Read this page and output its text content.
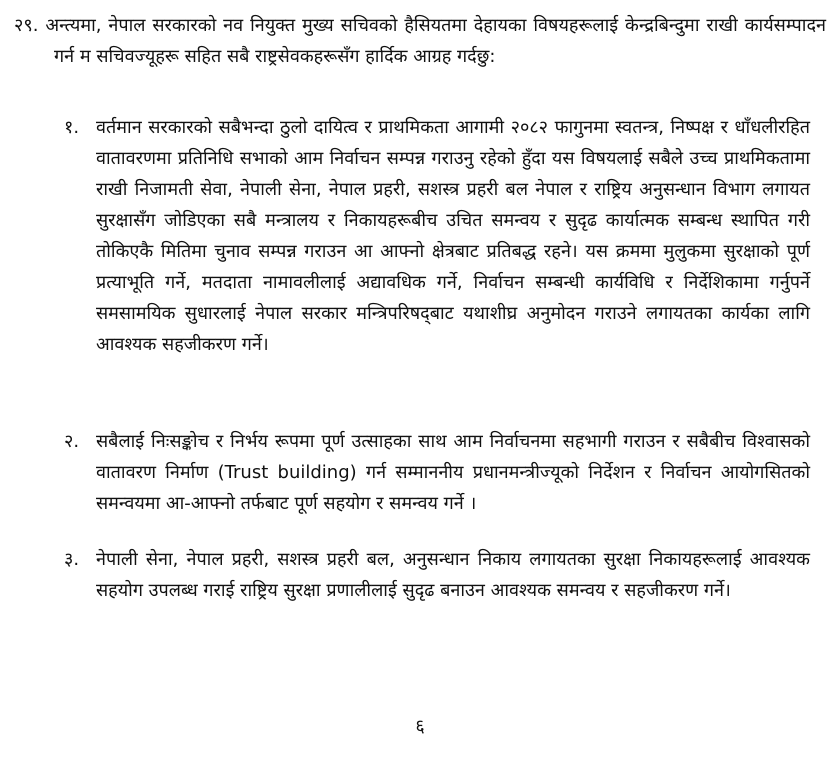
२९. अन्त्यमा, नेपाल सरकारको नव नियुक्त मुख्य सचिवको हैसियतमा देहायका विषयहरूलाई केन्द्रबिन्दुमा राखी कार्यसम्पादन गर्न म सचिवज्यूहरू सहित सबै राष्ट्रसेवकहरूसँग हार्दिक आग्रह गर्दछु:

१. वर्तमान सरकारको सबैभन्दा ठुलो दायित्व र प्राथमिकता आगामी २०८२ फागुनमा स्वतन्त्र, निष्पक्ष र धाँधलीरहित वातावरणमा प्रतिनिधि सभाको आम निर्वाचन सम्पन्न गराउनु रहेको हुँदा यस विषयलाई सबैले उच्च प्राथमिकतामा राखी निजामती सेवा, नेपाली सेना, नेपाल प्रहरी, सशस्त्र प्रहरी बल नेपाल र राष्ट्रिय अनुसन्धान विभाग लगायत सुरक्षासँग जोडिएका सबै मन्त्रालय र निकायहरूबीच उचित समन्वय र सुदृढ कार्यात्मक सम्बन्ध स्थापित गरी तोकिएकै मितिमा चुनाव सम्पन्न गराउन आ आफ्नो क्षेत्रबाट प्रतिबद्ध रहने। यस क्रममा मुलुकमा सुरक्षाको पूर्ण प्रत्याभूति गर्ने, मतदाता नामावलीलाई अद्यावधिक गर्ने, निर्वाचन सम्बन्धी कार्यविधि र निर्देशिकामा गर्नुपर्ने समसामयिक सुधारलाई नेपाल सरकार मन्त्रिपरिषद्‌बाट यथाशीघ्र अनुमोदन गराउने लगायतका कार्यका लागि आवश्यक सहजीकरण गर्ने।
२. सबैलाई निःसङ्कोच र निर्भय रूपमा पूर्ण उत्साहका साथ आम निर्वाचनमा सहभागी गराउन र सबैबीच विश्वासको वातावरण निर्माण (Trust building) गर्न सम्माननीय प्रधानमन्त्रीज्यूको निर्देशन र निर्वाचन आयोगसितको समन्वयमा आ-आफ्नो तर्फबाट पूर्ण सहयोग र समन्वय गर्ने ।
३. नेपाली सेना, नेपाल प्रहरी, सशस्त्र प्रहरी बल, अनुसन्धान निकाय लगायतका सुरक्षा निकायहरूलाई आवश्यक सहयोग उपलब्ध गराई राष्ट्रिय सुरक्षा प्रणालीलाई सुदृढ बनाउन आवश्यक समन्वय र सहजीकरण गर्ने।
६
